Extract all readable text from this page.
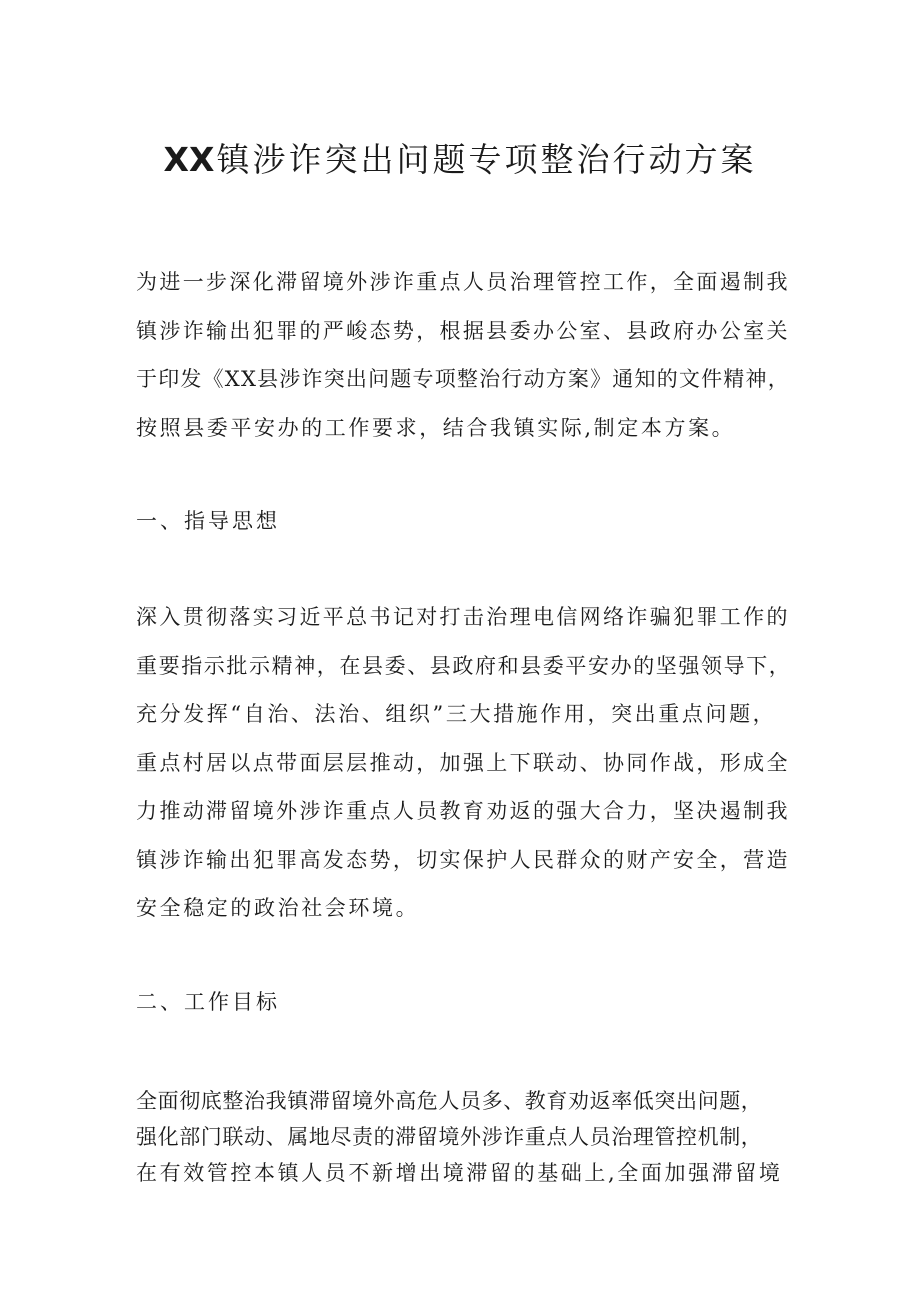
XX镇涉诈突出问题专项整治行动方案
为进一步深化滞留境外涉诈重点人员治理管控工作，全面遏制我
镇涉诈输出犯罪的严峻态势，根据县委办公室、县政府办公室关
于印发《XX县涉诈突出问题专项整治行动方案》通知的文件精神，
按照县委平安办的工作要求，结合我镇实际,制定本方案。
一、指导思想
深入贯彻落实习近平总书记对打击治理电信网络诈骗犯罪工作的
重要指示批示精神，在县委、县政府和县委平安办的坚强领导下，
充分发挥“自治、法治、组织”三大措施作用，突出重点问题，
重点村居以点带面层层推动，加强上下联动、协同作战，形成全
力推动滞留境外涉诈重点人员教育劝返的强大合力，坚决遏制我
镇涉诈输出犯罪高发态势，切实保护人民群众的财产安全，营造
安全稳定的政治社会环境。
二、工作目标
全面彻底整治我镇滞留境外高危人员多、教育劝返率低突出问题，
强化部门联动、属地尽责的滞留境外涉诈重点人员治理管控机制，
在有效管控本镇人员不新增出境滞留的基础上,全面加强滞留境
